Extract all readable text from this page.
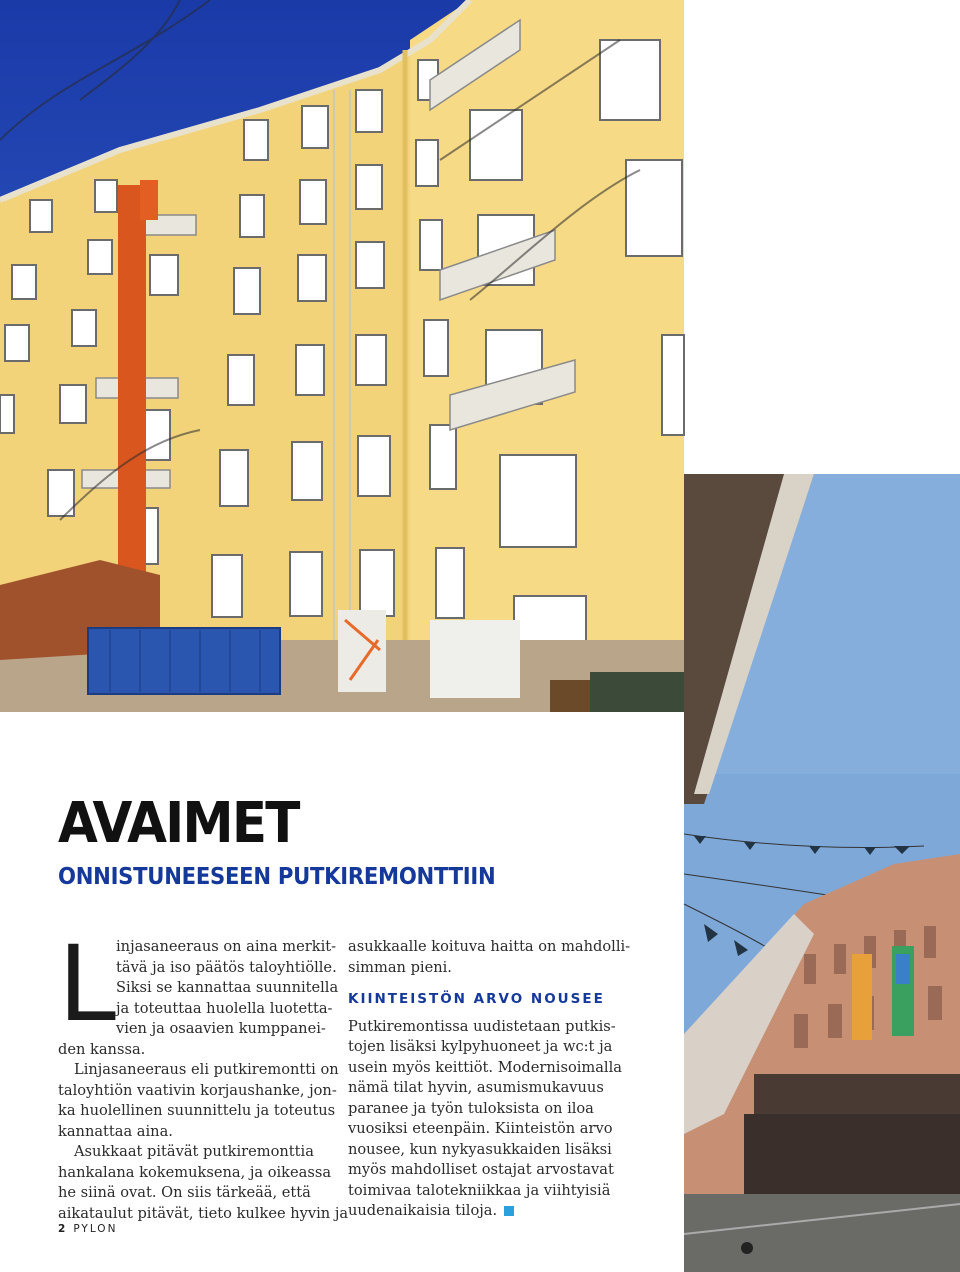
AVAIMET
ONNISTUNEESEEN PUTKIREMONTTIIN
L injasaneeraus on aina merkit-
tävä ja iso päätös taloyhtiölle.
Siksi se kannattaa suunnitella
ja toteuttaa huolella luotetta-
vien ja osaavien kumppanei-
den kanssa.
Linjasaneeraus eli putkiremontti on
taloyhtiön vaativin korjaushanke, jon-
ka huolellinen suunnittelu ja toteutus
kannattaa aina.
Asukkaat pitävät putkiremonttia
hankalana kokemuksena, ja oikeassa
he siinä ovat. On siis tärkeää, että
aikataulut pitävät, tieto kulkee hyvin ja
asukkaalle koituva haitta on mahdolli-
simman pieni.
KIINTEISTÖN ARVO NOUSEE
Putkiremontissa uudistetaan putkis-
tojen lisäksi kylpyhuoneet ja wc:t ja
usein myös keittiöt. Modernisoimalla
nämä tilat hyvin, asumismukavuus
paranee ja työn tuloksista on iloa
vuosiksi eteenpäin. Kiinteistön arvo
nousee, kun nykyasukkaiden lisäksi
myös mahdolliset ostajat arvostavat
toimivaa talotekniikkaa ja viihtyisiä
uudenaikaisia tiloja.
2 PYLON
